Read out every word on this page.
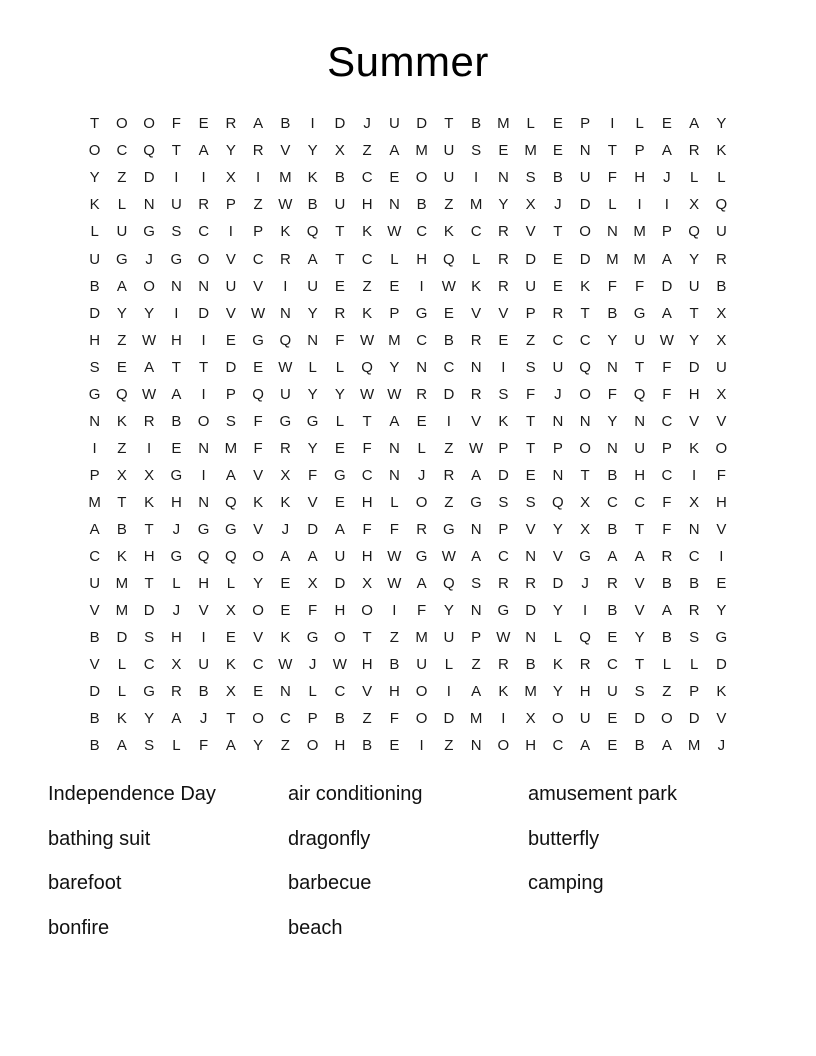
Summer
T	O	O	F	E	R	A	B	I	D	J	U	D	T	B	M	L	E	P	I	L	E	A	Y
O	C	Q	T	A	Y	R	V	Y	X	Z	A	M	U	S	E	M	E	N	T	P	A	R	K
Y	Z	D	I	I	X	I	M	K	B	C	E	O	U	I	N	S	B	U	F	H	J	L	L
K	L	N	U	R	P	Z	W	B	U	H	N	B	Z	M	Y	X	J	D	L	I	I	X	Q
L	U	G	S	C	I	P	K	Q	T	K	W C	K	C	R	V	T	O	N	M	P	Q	U
U	G	J	G	O	V	C	R	A	T	C	L	H	Q	L	R	D	E	D	M M	A	Y	R
B	A	O	N	N	U	V	I	U	E	Z	E	I	W	K	R	U	E	K	F	F	D	U	B
D	Y	Y	I	D	V	W N	Y	R	K	P	G	E	V	V	P	R	T	B	G	A	T	X
H	Z	W H	I	E	G	Q	N	F	W M	C	B	R	E	Z	C	C	Y	U W	Y	X
S	E	A	T	T	D	E	W	L	L	Q	Y	N	C	N	I	S	U	Q	N	T	F	D	U
G	Q W	A	I	P	Q	U	Y	Y	W W R	D	R	S	F	J	O	F	Q	F	H	X
N	K	R	B	O	S	F	G	G	L	T	A	E	I	V	K	T	N	N	Y	N	C	V	V
I	Z	I	E	N	M	F	R	Y	E	F	N	L	Z	W	P	T	P	O	N	U	P	K	O
P	X	X	G	I	A	V	X	F	G	C	N	J	R	A	D	E	N	T	B	H	C	I	F
M	T	K	H	N	Q	K	K	V	E	H	L	O	Z	G	S	S	Q	X	C	C	F	X	H
A	B	T	J	G	G	V	J	D	A	F	F	R	G	N	P	V	Y	X	B	T	F	N	V
C	K	H	G	Q	Q	O	A	A	U	H W G W	A	C	N	V	G	A	A	R	C	I
U	M	T	L	H	L	Y	E	X	D	X	W	A	Q	S	R	R	D	J	R	V	B	B	E
V	M	D	J	V	X	O	E	F	H	O	I	F	Y	N	G	D	Y	I	B	V	A	R	Y
B	D	S	H	I	E	V	K	G	O	T	Z	M	U	P	W N	L	Q	E	Y	B	S	G
V	L	C	X	U	K	C W	J	W H	B	U	L	Z	R	B	K	R	C	T	L	L	D
D	L	G	R	B	X	E	N	L	C	V	H	O	I	A	K	M	Y	H	U	S	Z	P	K
B	K	Y	A	J	T	O	C	P	B	Z	F	O	D	M	I	X	O	U	E	D	O	D	V
B	A	S	L	F	A	Y	Z	O	H	B	E	I	Z	N	O	H	C	A	E	B	A	M	J
Independence Day
bathing suit
barefoot
bonfire
air conditioning
dragonfly
barbecue
beach
amusement park
butterfly
camping
